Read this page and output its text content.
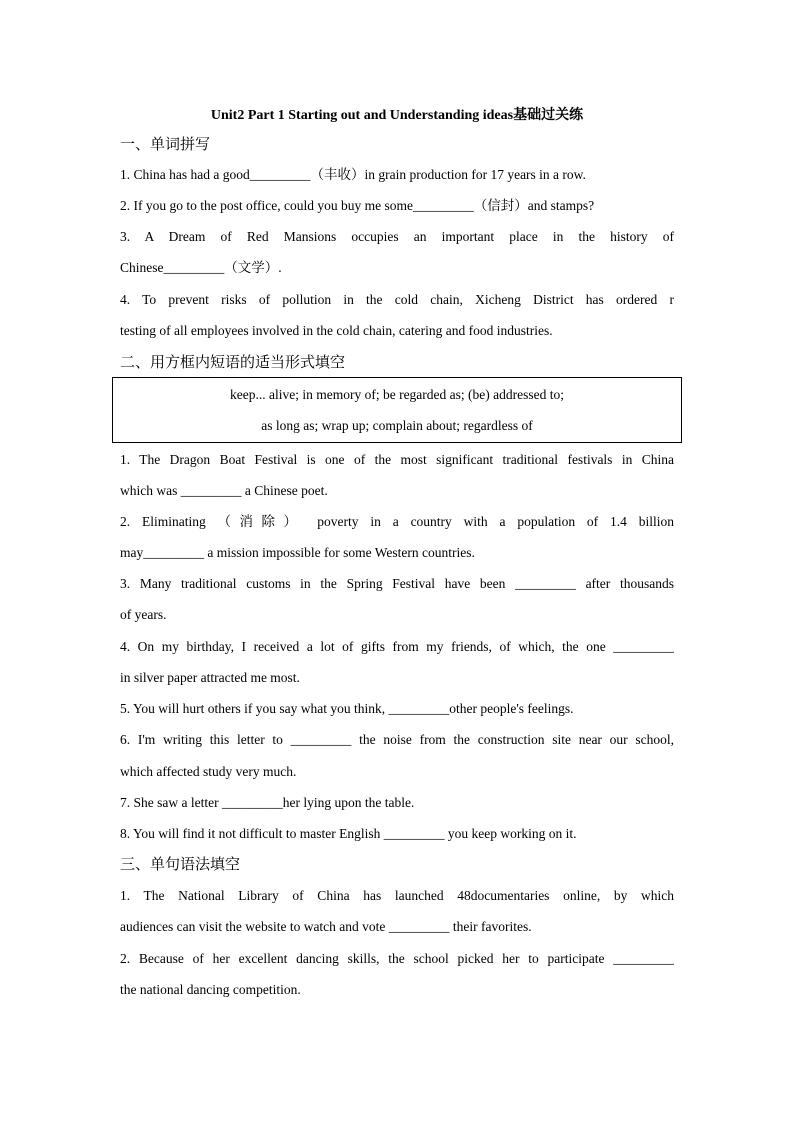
Unit2 Part 1 Starting out and Understanding ideas基础过关练
一、单词拼写
1. China has had a good_________（丰收）in grain production for 17 years in a row.
2. If you go to the post office, could you buy me some_________（信封）and stamps?
3. A Dream of Red Mansions occupies an important place in the history of
Chinese_________（文学）.
4. To prevent risks of pollution in the cold chain, Xicheng District has ordered r
testing of all employees involved in the cold chain, catering and food industries.
二、用方框内短语的适当形式填空
keep... alive; in memory of; be regarded as; (be) addressed to;
as long as; wrap up; complain about; regardless of
1. The Dragon Boat Festival is one of the most significant traditional festivals in China
which was _________ a Chinese poet.
2. Eliminating （消除） poverty in a country with a population of 1.4 billion
may_________ a mission impossible for some Western countries.
3. Many traditional customs in the Spring Festival have been _________ after thousands
of years.
4. On my birthday, I received a lot of gifts from my friends, of which, the one _________
in silver paper attracted me most.
5. You will hurt others if you say what you think, _________other people's feelings.
6. I'm writing this letter to _________ the noise from the construction site near our school,
which affected study very much.
7. She saw a letter _________her lying upon the table.
8. You will find it not difficult to master English _________ you keep working on it.
三、单句语法填空
1. The National Library of China has launched 48documentaries online, by which
audiences can visit the website to watch and vote _________ their favorites.
2. Because of her excellent dancing skills, the school picked her to participate _________
the national dancing competition.
